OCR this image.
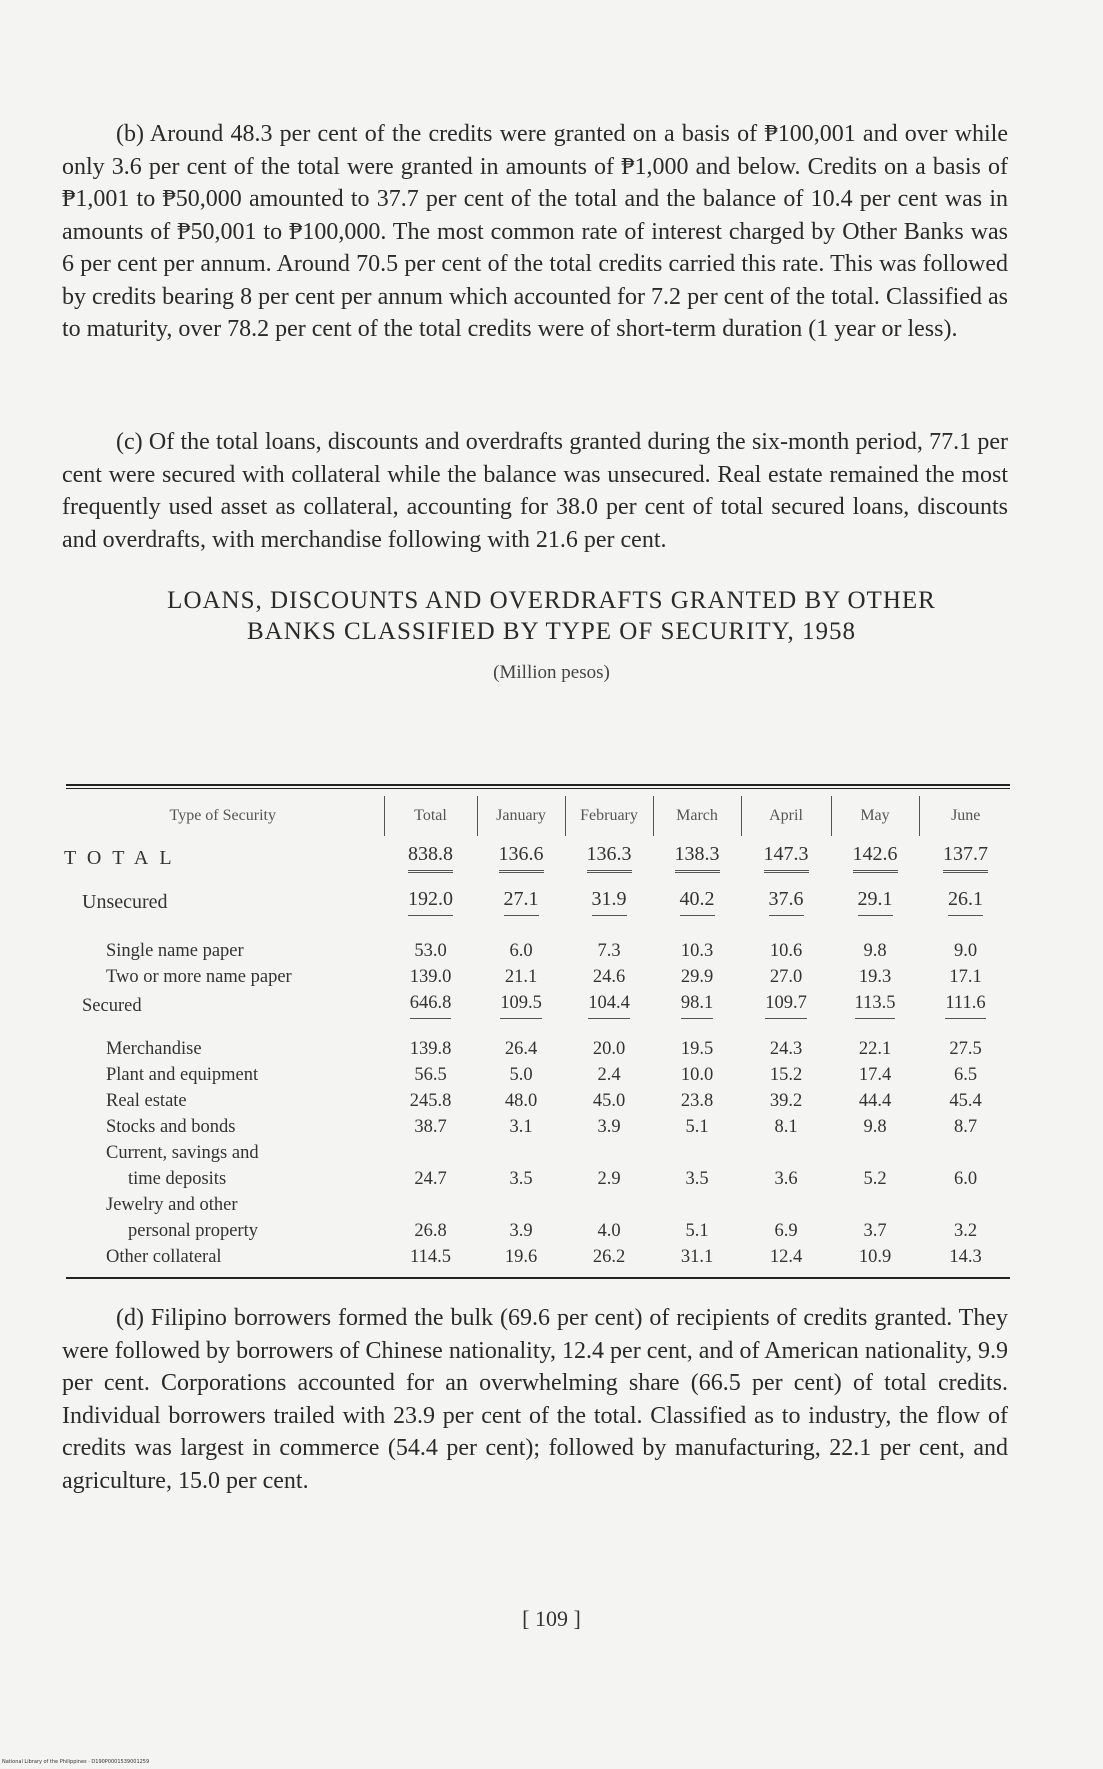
(b) Around 48.3 per cent of the credits were granted on a basis of ₱100,001 and over while only 3.6 per cent of the total were granted in amounts of ₱1,000 and below. Credits on a basis of ₱1,001 to ₱50,000 amounted to 37.7 per cent of the total and the balance of 10.4 per cent was in amounts of ₱50,001 to ₱100,000. The most common rate of interest charged by Other Banks was 6 per cent per annum. Around 70.5 per cent of the total credits carried this rate. This was followed by credits bearing 8 per cent per annum which accounted for 7.2 per cent of the total. Classified as to maturity, over 78.2 per cent of the total credits were of short-term duration (1 year or less).

(c) Of the total loans, discounts and overdrafts granted during the six-month period, 77.1 per cent were secured with collateral while the balance was unsecured. Real estate remained the most frequently used asset as collateral, accounting for 38.0 per cent of total secured loans, discounts and overdrafts, with merchandise following with 21.6 per cent.

LOANS, DISCOUNTS AND OVERDRAFTS GRANTED BY OTHER
BANKS CLASSIFIED BY TYPE OF SECURITY, 1958
(Million pesos)
Type of Security	Total	January	February	March	April	May	June
TOTAL	838.8	136.6	136.3	138.3	147.3	142.6	137.7
Unsecured	192.0	27.1	31.9	40.2	37.6	29.1	26.1

Single name paper	53.0	6.0	7.3	10.3	10.6	9.8	9.0
Two or more name paper	139.0	21.1	24.6	29.9	27.0	19.3	17.1
Secured	646.8	109.5	104.4	98.1	109.7	113.5	111.6

Merchandise	139.8	26.4	20.0	19.5	24.3	22.1	27.5
Plant and equipment	56.5	5.0	2.4	10.0	15.2	17.4	6.5
Real estate	245.8	48.0	45.0	23.8	39.2	44.4	45.4
Stocks and bonds	38.7	3.1	3.9	5.1	8.1	9.8	8.7
Current, savings and							
time deposits	24.7	3.5	2.9	3.5	3.6	5.2	6.0
Jewelry and other							
personal property	26.8	3.9	4.0	5.1	6.9	3.7	3.2
Other collateral	114.5	19.6	26.2	31.1	12.4	10.9	14.3

(d) Filipino borrowers formed the bulk (69.6 per cent) of recipients of credits granted. They were followed by borrowers of Chinese nationality, 12.4 per cent, and of American nationality, 9.9 per cent. Corporations accounted for an overwhelming share (66.5 per cent) of total credits. Individual borrowers trailed with 23.9 per cent of the total. Classified as to industry, the flow of credits was largest in commerce (54.4 per cent); followed by manufacturing, 22.1 per cent, and agriculture, 15.0 per cent.

[ 109 ]
National Library of the Philippines · D190P0001539001259
